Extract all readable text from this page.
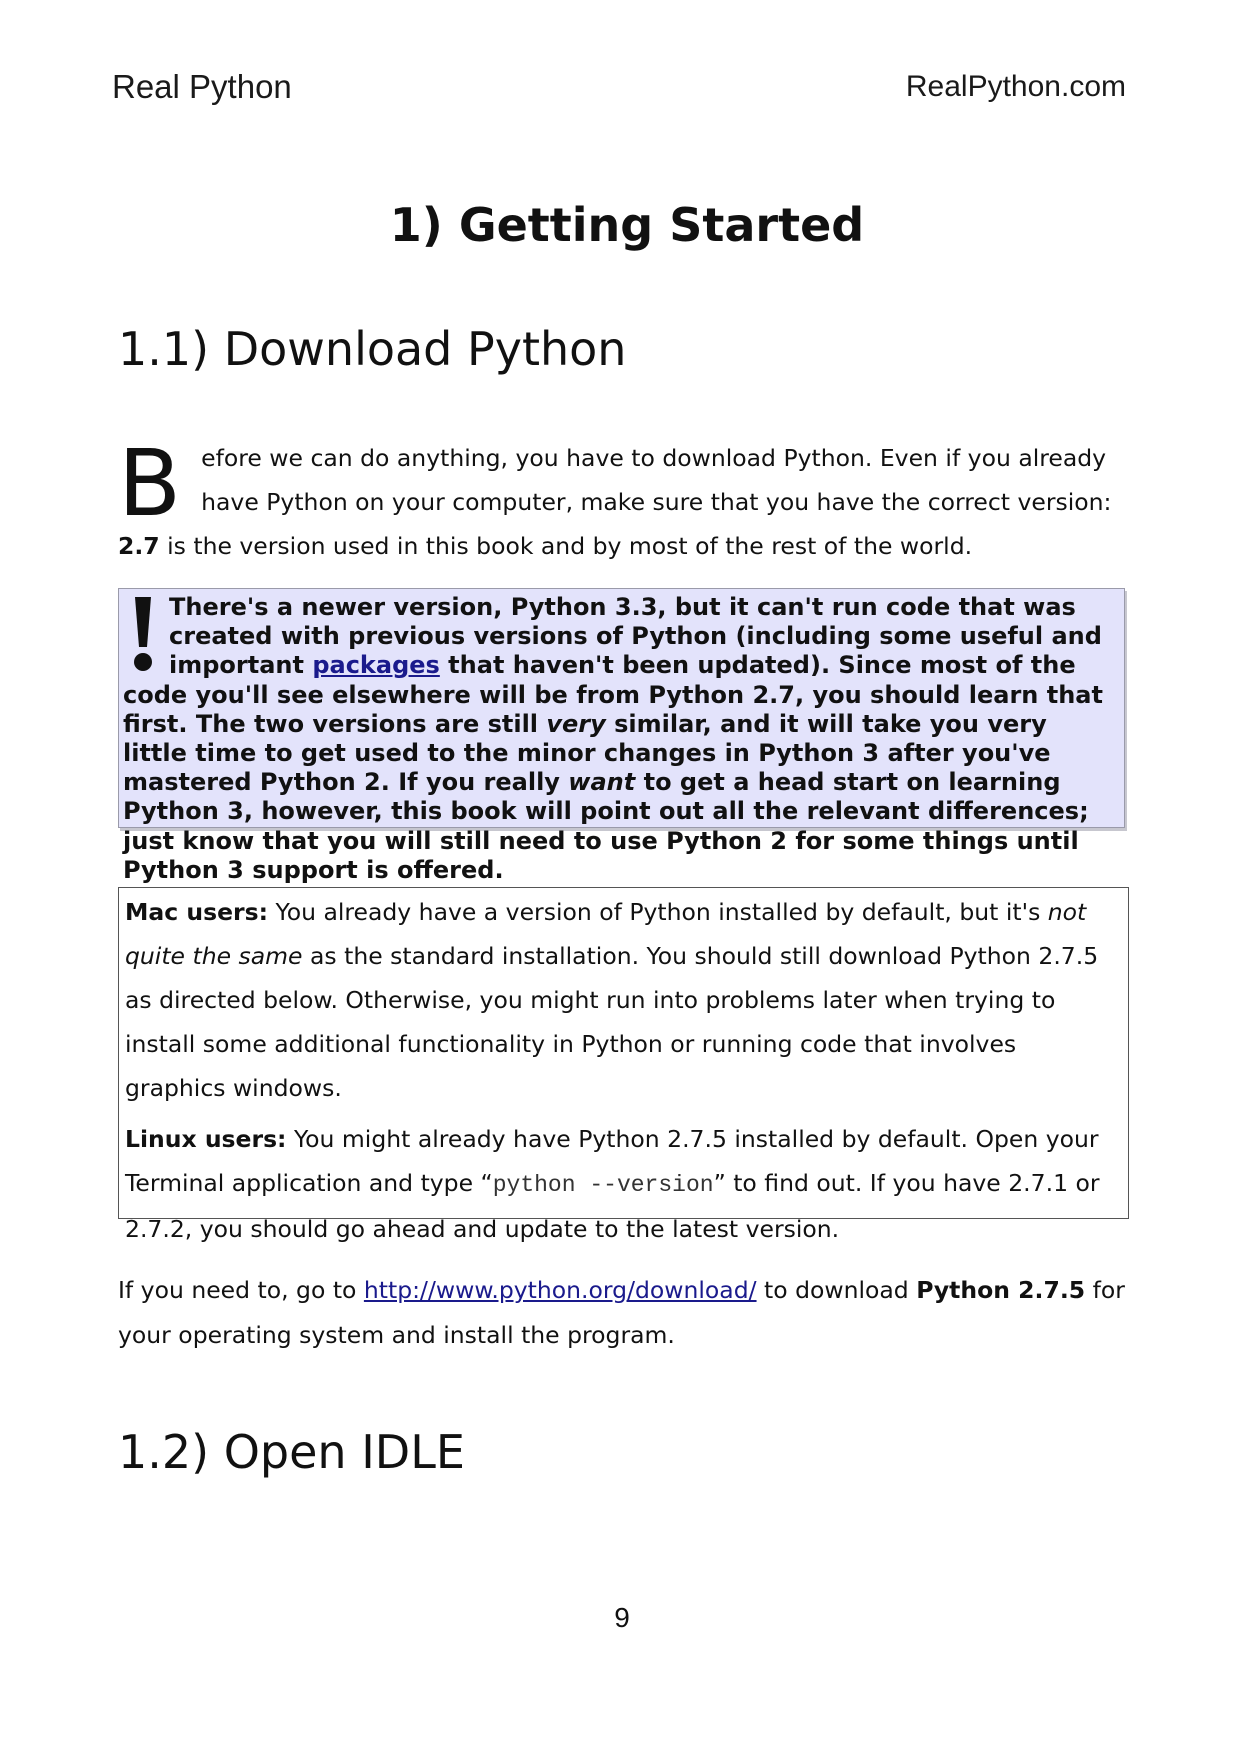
Real Python	RealPython.com
1) Getting Started
1.1) Download Python
Before we can do anything, you have to download Python. Even if you already have Python on your computer, make sure that you have the correct version: 2.7 is the version used in this book and by most of the rest of the world.
There's a newer version, Python 3.3, but it can't run code that was created with previous versions of Python (including some useful and important packages that haven't been updated). Since most of the code you'll see elsewhere will be from Python 2.7, you should learn that first. The two versions are still very similar, and it will take you very little time to get used to the minor changes in Python 3 after you've mastered Python 2. If you really want to get a head start on learning Python 3, however, this book will point out all the relevant differences; just know that you will still need to use Python 2 for some things until Python 3 support is offered.

Mac users: You already have a version of Python installed by default, but it's not quite the same as the standard installation. You should still download Python 2.7.5 as directed below. Otherwise, you might run into problems later when trying to install some additional functionality in Python or running code that involves graphics windows.

Linux users: You might already have Python 2.7.5 installed by default. Open your Terminal application and type “python --version” to find out. If you have 2.7.1 or 2.7.2, you should go ahead and update to the latest version.

If you need to, go to http://www.python.org/download/ to download Python 2.7.5 for your operating system and install the program.
1.2) Open IDLE
9
